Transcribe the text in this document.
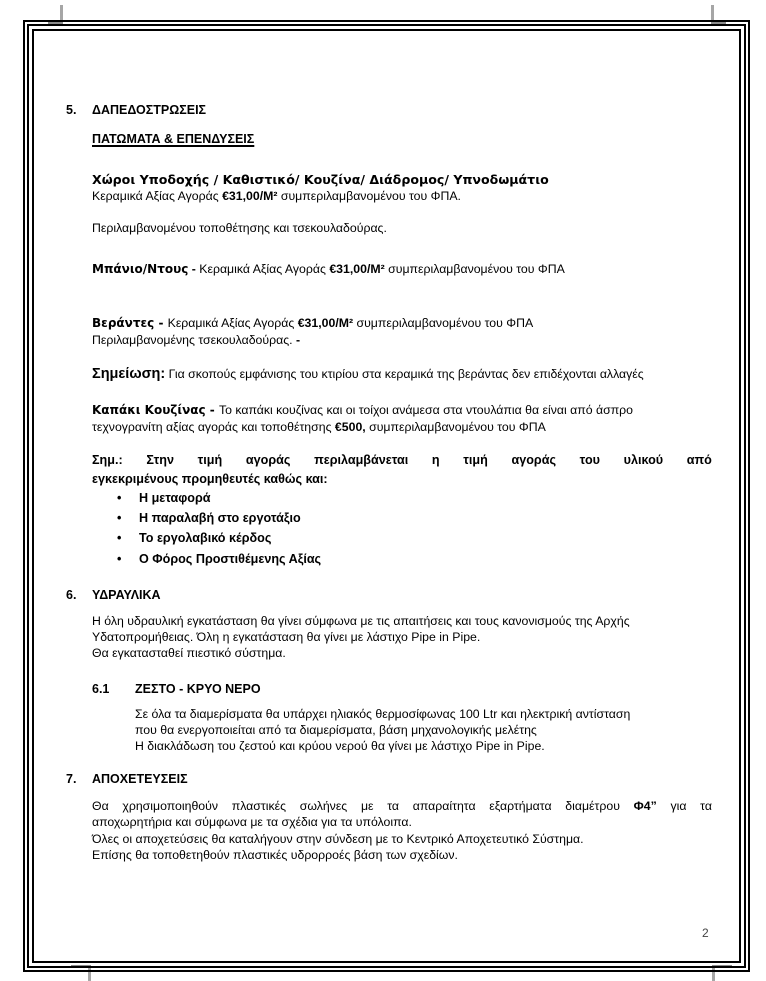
5. ΔΑΠΕΔΟΣΤΡΩΣΕΙΣ
ΠΑΤΩΜΑΤΑ & ΕΠΕΝΔΥΣΕΙΣ
Χώροι Υποδοχής / Καθιστικό/ Κουζίνα/ Διάδρομος/ Υπνοδωμάτιο
Κεραμικά Αξίας Αγοράς €31,00/Μ² συμπεριλαμβανομένου του ΦΠΑ.
Περιλαμβανομένου τοποθέτησης και τσεκουλαδούρας.
Μπάνιο/Ντους - Κεραμικά Αξίας Αγοράς €31,00/Μ² συμπεριλαμβανομένου του ΦΠΑ
Βεράντες - Κεραμικά Αξίας Αγοράς €31,00/Μ² συμπεριλαμβανομένου του ΦΠΑ
Περιλαμβανομένης τσεκουλαδούρας. -
Σημείωση: Για σκοπούς εμφάνισης του κτιρίου στα κεραμικά της βεράντας δεν επιδέχονται αλλαγές
Καπάκι Κουζίνας - Το καπάκι κουζίνας και οι τοίχοι ανάμεσα στα ντουλάπια θα είναι από άσπρο
τεχνογρανίτη αξίας αγοράς και τοποθέτησης €500, συμπεριλαμβανομένου του ΦΠΑ
Σημ.: Στην τιμή αγοράς περιλαμβάνεται η τιμή αγοράς του υλικού από
εγκεκριμένους προμηθευτές καθώς και:
• Η μεταφορά
• Η παραλαβή στο εργοτάξιο
• Το εργολαβικό κέρδος
• Ο Φόρος Προστιθέμενης Αξίας
6. ΥΔΡΑΥΛΙΚΑ
Η όλη υδραυλική εγκατάσταση θα γίνει σύμφωνα με τις απαιτήσεις και τους κανονισμούς της Αρχής
Υδατοπρομήθειας. Όλη η εγκατάσταση θα γίνει με λάστιχο Pipe in Pipe.
Θα εγκατασταθεί πιεστικό σύστημα.
6.1 ΖΕΣΤΟ - ΚΡΥΟ ΝΕΡΟ
Σε όλα τα διαμερίσματα θα υπάρχει ηλιακός θερμοσίφωνας 100 Ltr και ηλεκτρική αντίσταση
που θα ενεργοποιείται από τα διαμερίσματα, βάση μηχανολογικής μελέτης
Η διακλάδωση του ζεστού και κρύου νερού θα γίνει με λάστιχο Pipe in Pipe.
7. ΑΠΟΧΕΤΕΥΣΕΙΣ
Θα χρησιμοποιηθούν πλαστικές σωλήνες με τα απαραίτητα εξαρτήματα διαμέτρου Φ4” για τα
αποχωρητήρια και σύμφωνα με τα σχέδια για τα υπόλοιπα.
Όλες οι αποχετεύσεις θα καταλήγουν στην σύνδεση με το Κεντρικό Αποχετευτικό Σύστημα.
Επίσης θα τοποθετηθούν πλαστικές υδρορροές βάση των σχεδίων.
2
